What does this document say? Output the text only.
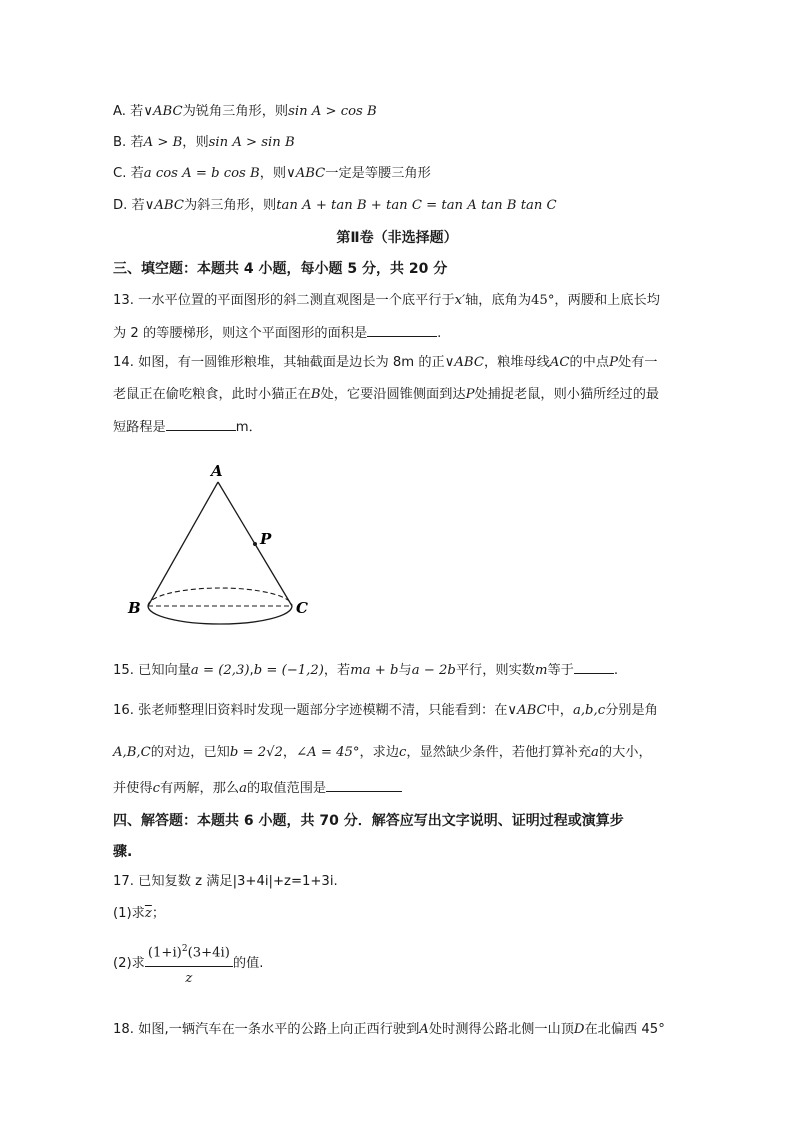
A. 若∨ABC为锐角三角形，则sin A > cos B
B. 若A > B，则sin A > sin B
C. 若a cos A = b cos B，则∨ABC一定是等腰三角形
D. 若∨ABC为斜三角形，则tan A + tan B + tan C = tan A tan B tan C
第Ⅱ卷（非选择题）
三、填空题：本题共 4 小题，每小题 5 分，共 20 分
13. 一水平位置的平面图形的斜二测直观图是一个底平行于x′轴，底角为45°，两腰和上底长均
为 2 的等腰梯形，则这个平面图形的面积是	.
14. 如图，有一圆锥形粮堆，其轴截面是边长为 8m 的正∨ABC，粮堆母线AC的中点P处有一
老鼠正在偷吃粮食，此时小猫正在B处，它要沿圆锥侧面到达P处捕捉老鼠，则小猫所经过的最
短路程是	m．
A
B	C
P
15. 已知向量a = (2,3),b = (−1,2)，若ma + b与a − 2b平行，则实数m等于	.
16. 张老师整理旧资料时发现一题部分字迹模糊不清，只能看到：在∨ABC中，a,b,c分别是角
A,B,C的对边，已知b = 2√2，∠A = 45°，求边c，显然缺少条件，若他打算补充a的大小，
并使得c有两解，那么a的取值范围是
四、解答题：本题共 6 小题，共 70 分．解答应写出文字说明、证明过程或演算步
骤.
17. 已知复数 z 满足|3+4i|+z=1+3i.
(1)求$\overline{z}$；
(2)求 $\frac{(1+i)^2(3+4i)}{z}$ 的值.
18. 如图,一辆汽车在一条水平的公路上向正西行驶到A处时测得公路北侧一山顶D在北偏西 45°
